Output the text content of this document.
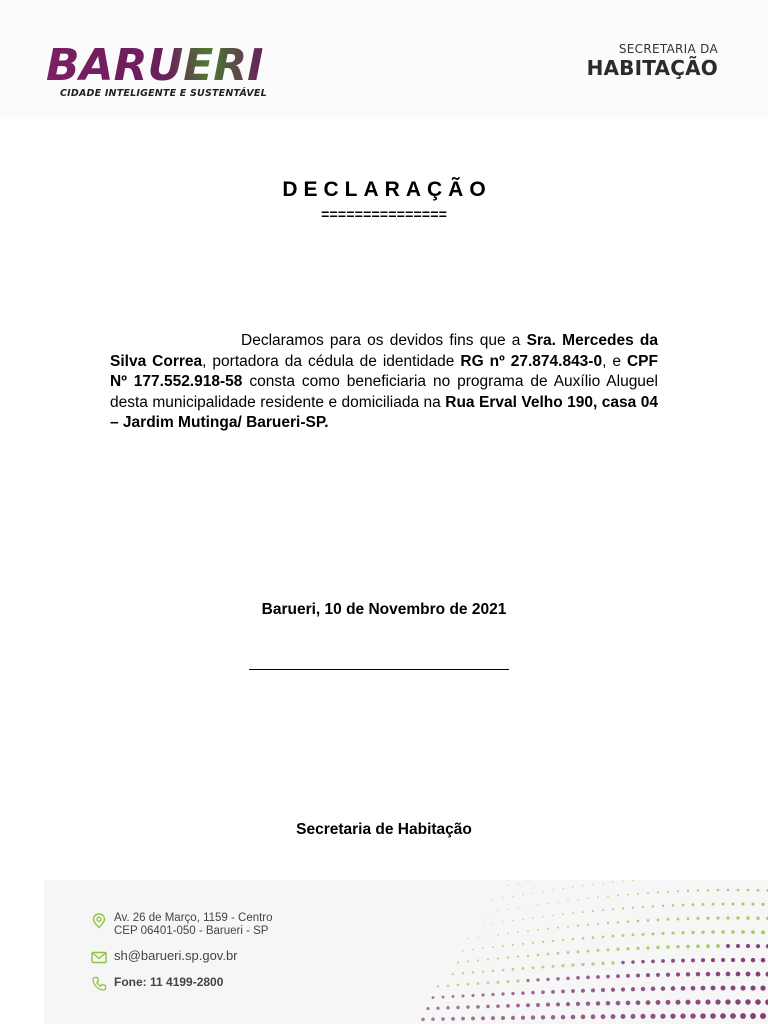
BARUERI
CIDADE INTELIGENTE E SUSTENTÁVEL
SECRETARIA DA
HABITAÇÃO
DECLARAÇÃO
===============
Declaramos para os devidos fins que a Sra. Mercedes da Silva Correa, portadora da cédula de identidade RG nº 27.874.843-0, e CPF Nº 177.552.918-58 consta como beneficiaria no programa de Auxílio Aluguel desta municipalidade residente e domiciliada na Rua Erval Velho 190, casa 04 – Jardim Mutinga/ Barueri-SP.
Barueri, 10 de Novembro de 2021
Secretaria de Habitação
Av. 26 de Março, 1159 - Centro
CEP 06401-050 - Barueri - SP
sh@barueri.sp.gov.br
Fone: 11 4199-2800
